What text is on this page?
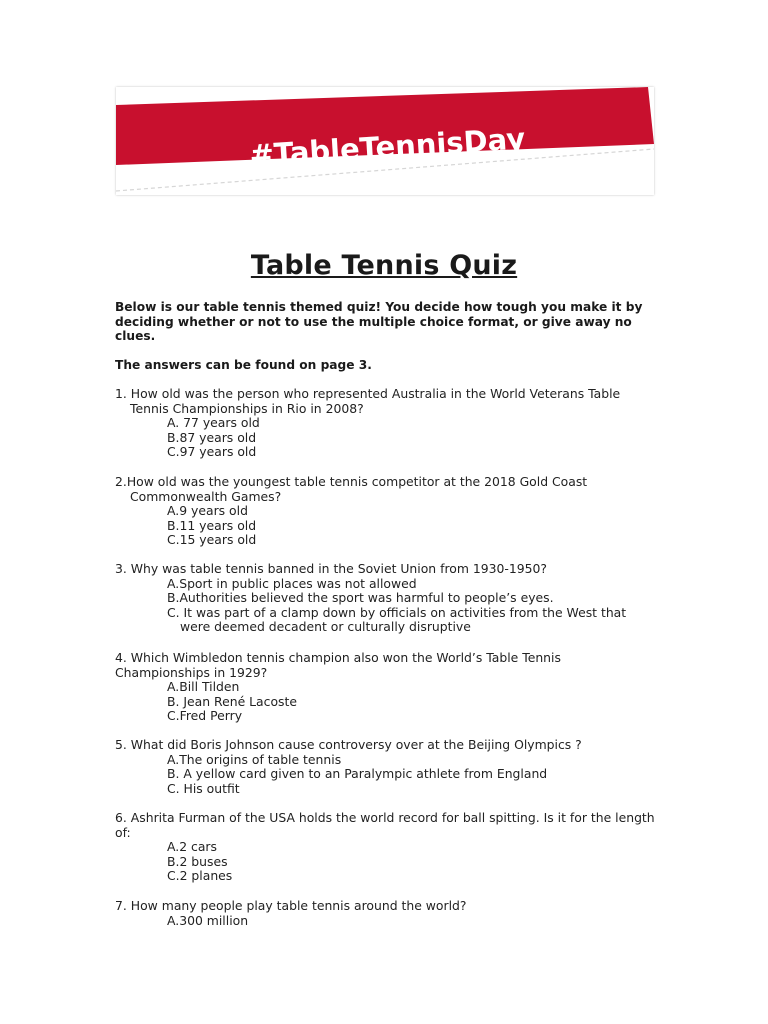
#TableTennisDay
Table Tennis Quiz
Below is our table tennis themed quiz! You decide how tough you make it by deciding whether or not to use the multiple choice format, or give away no clues.
The answers can be found on page 3.
1. How old was the person who represented Australia in the World Veterans Table Tennis Championships in Rio in 2008?
A. 77 years old
B.87 years old
C.97 years old
2.How old was the youngest table tennis competitor at the 2018 Gold Coast Commonwealth Games?
A.9 years old
B.11 years old
C.15 years old
3. Why was table tennis banned in the Soviet Union from 1930-1950?
A.Sport in public places was not allowed
B.Authorities believed the sport was harmful to people’s eyes.
C. It was part of a clamp down by officials on activities from the West that were deemed decadent or culturally disruptive
4. Which Wimbledon tennis champion also won the World’s Table Tennis Championships in 1929?
A.Bill Tilden
B. Jean René Lacoste
C.Fred Perry
5. What did Boris Johnson cause controversy over at the Beijing Olympics ?
A.The origins of table tennis
B. A yellow card given to an Paralympic athlete from England
C. His outfit
6. Ashrita Furman of the USA holds the world record for ball spitting. Is it for the length of:
A.2 cars
B.2 buses
C.2 planes
7. How many people play table tennis around the world?
A.300 million
